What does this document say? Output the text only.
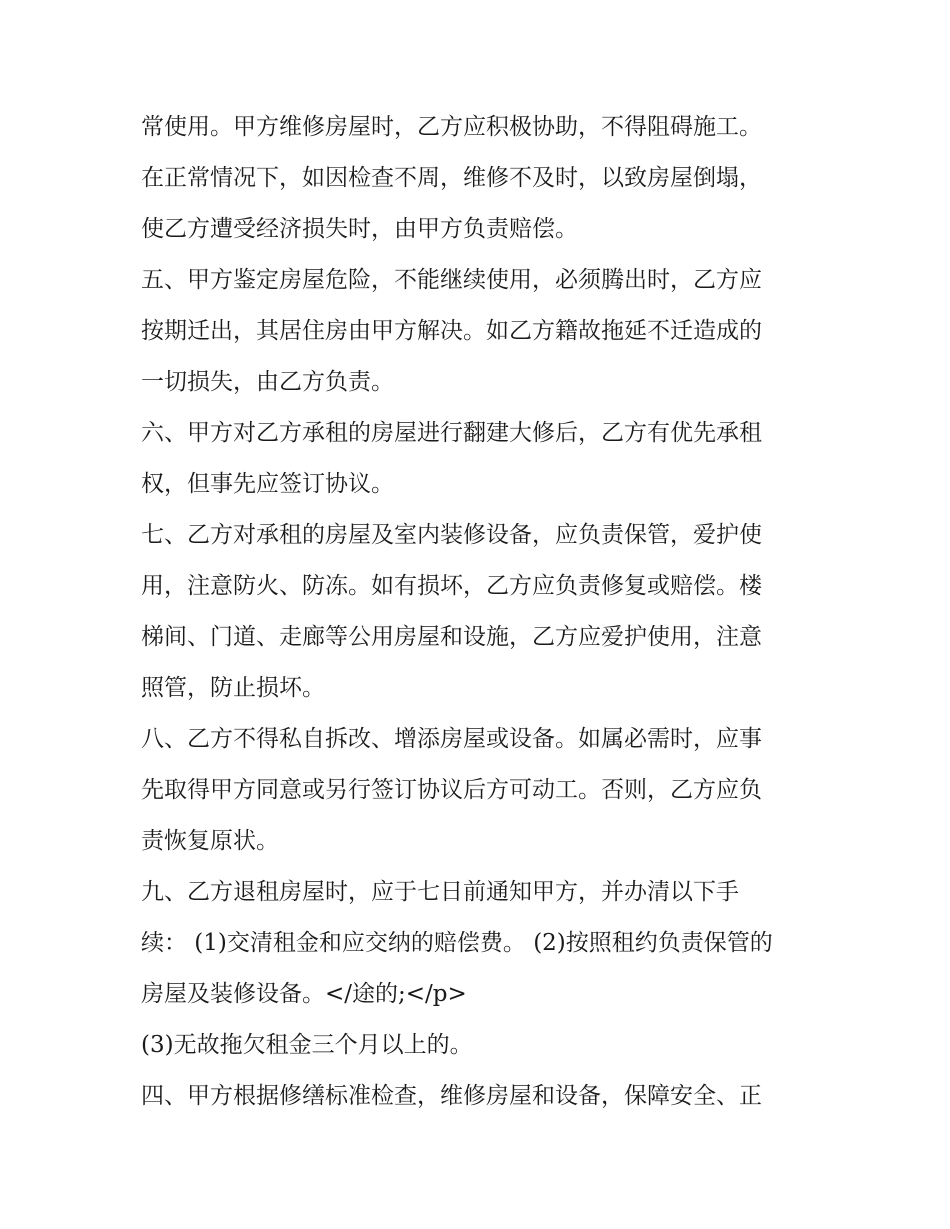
常使用。甲方维修房屋时，乙方应积极协助，不得阻碍施工。
在正常情况下，如因检查不周，维修不及时，以致房屋倒塌，
使乙方遭受经济损失时，由甲方负责赔偿。
五、甲方鉴定房屋危险，不能继续使用，必须腾出时，乙方应
按期迁出，其居住房由甲方解决。如乙方籍故拖延不迁造成的
一切损失，由乙方负责。
六、甲方对乙方承租的房屋进行翻建大修后，乙方有优先承租
权，但事先应签订协议。
七、乙方对承租的房屋及室内装修设备，应负责保管，爱护使
用，注意防火、防冻。如有损坏，乙方应负责修复或赔偿。楼
梯间、门道、走廊等公用房屋和设施，乙方应爱护使用，注意
照管，防止损坏。
八、乙方不得私自拆改、增添房屋或设备。如属必需时，应事
先取得甲方同意或另行签订协议后方可动工。否则，乙方应负
责恢复原状。
九、乙方退租房屋时，应于七日前通知甲方，并办清以下手
续： (1)交清租金和应交纳的赔偿费。 (2)按照租约负责保管的
房屋及装修设备。</途的;</p>
(3)无故拖欠租金三个月以上的。
四、甲方根据修缮标准检查，维修房屋和设备，保障安全、正
